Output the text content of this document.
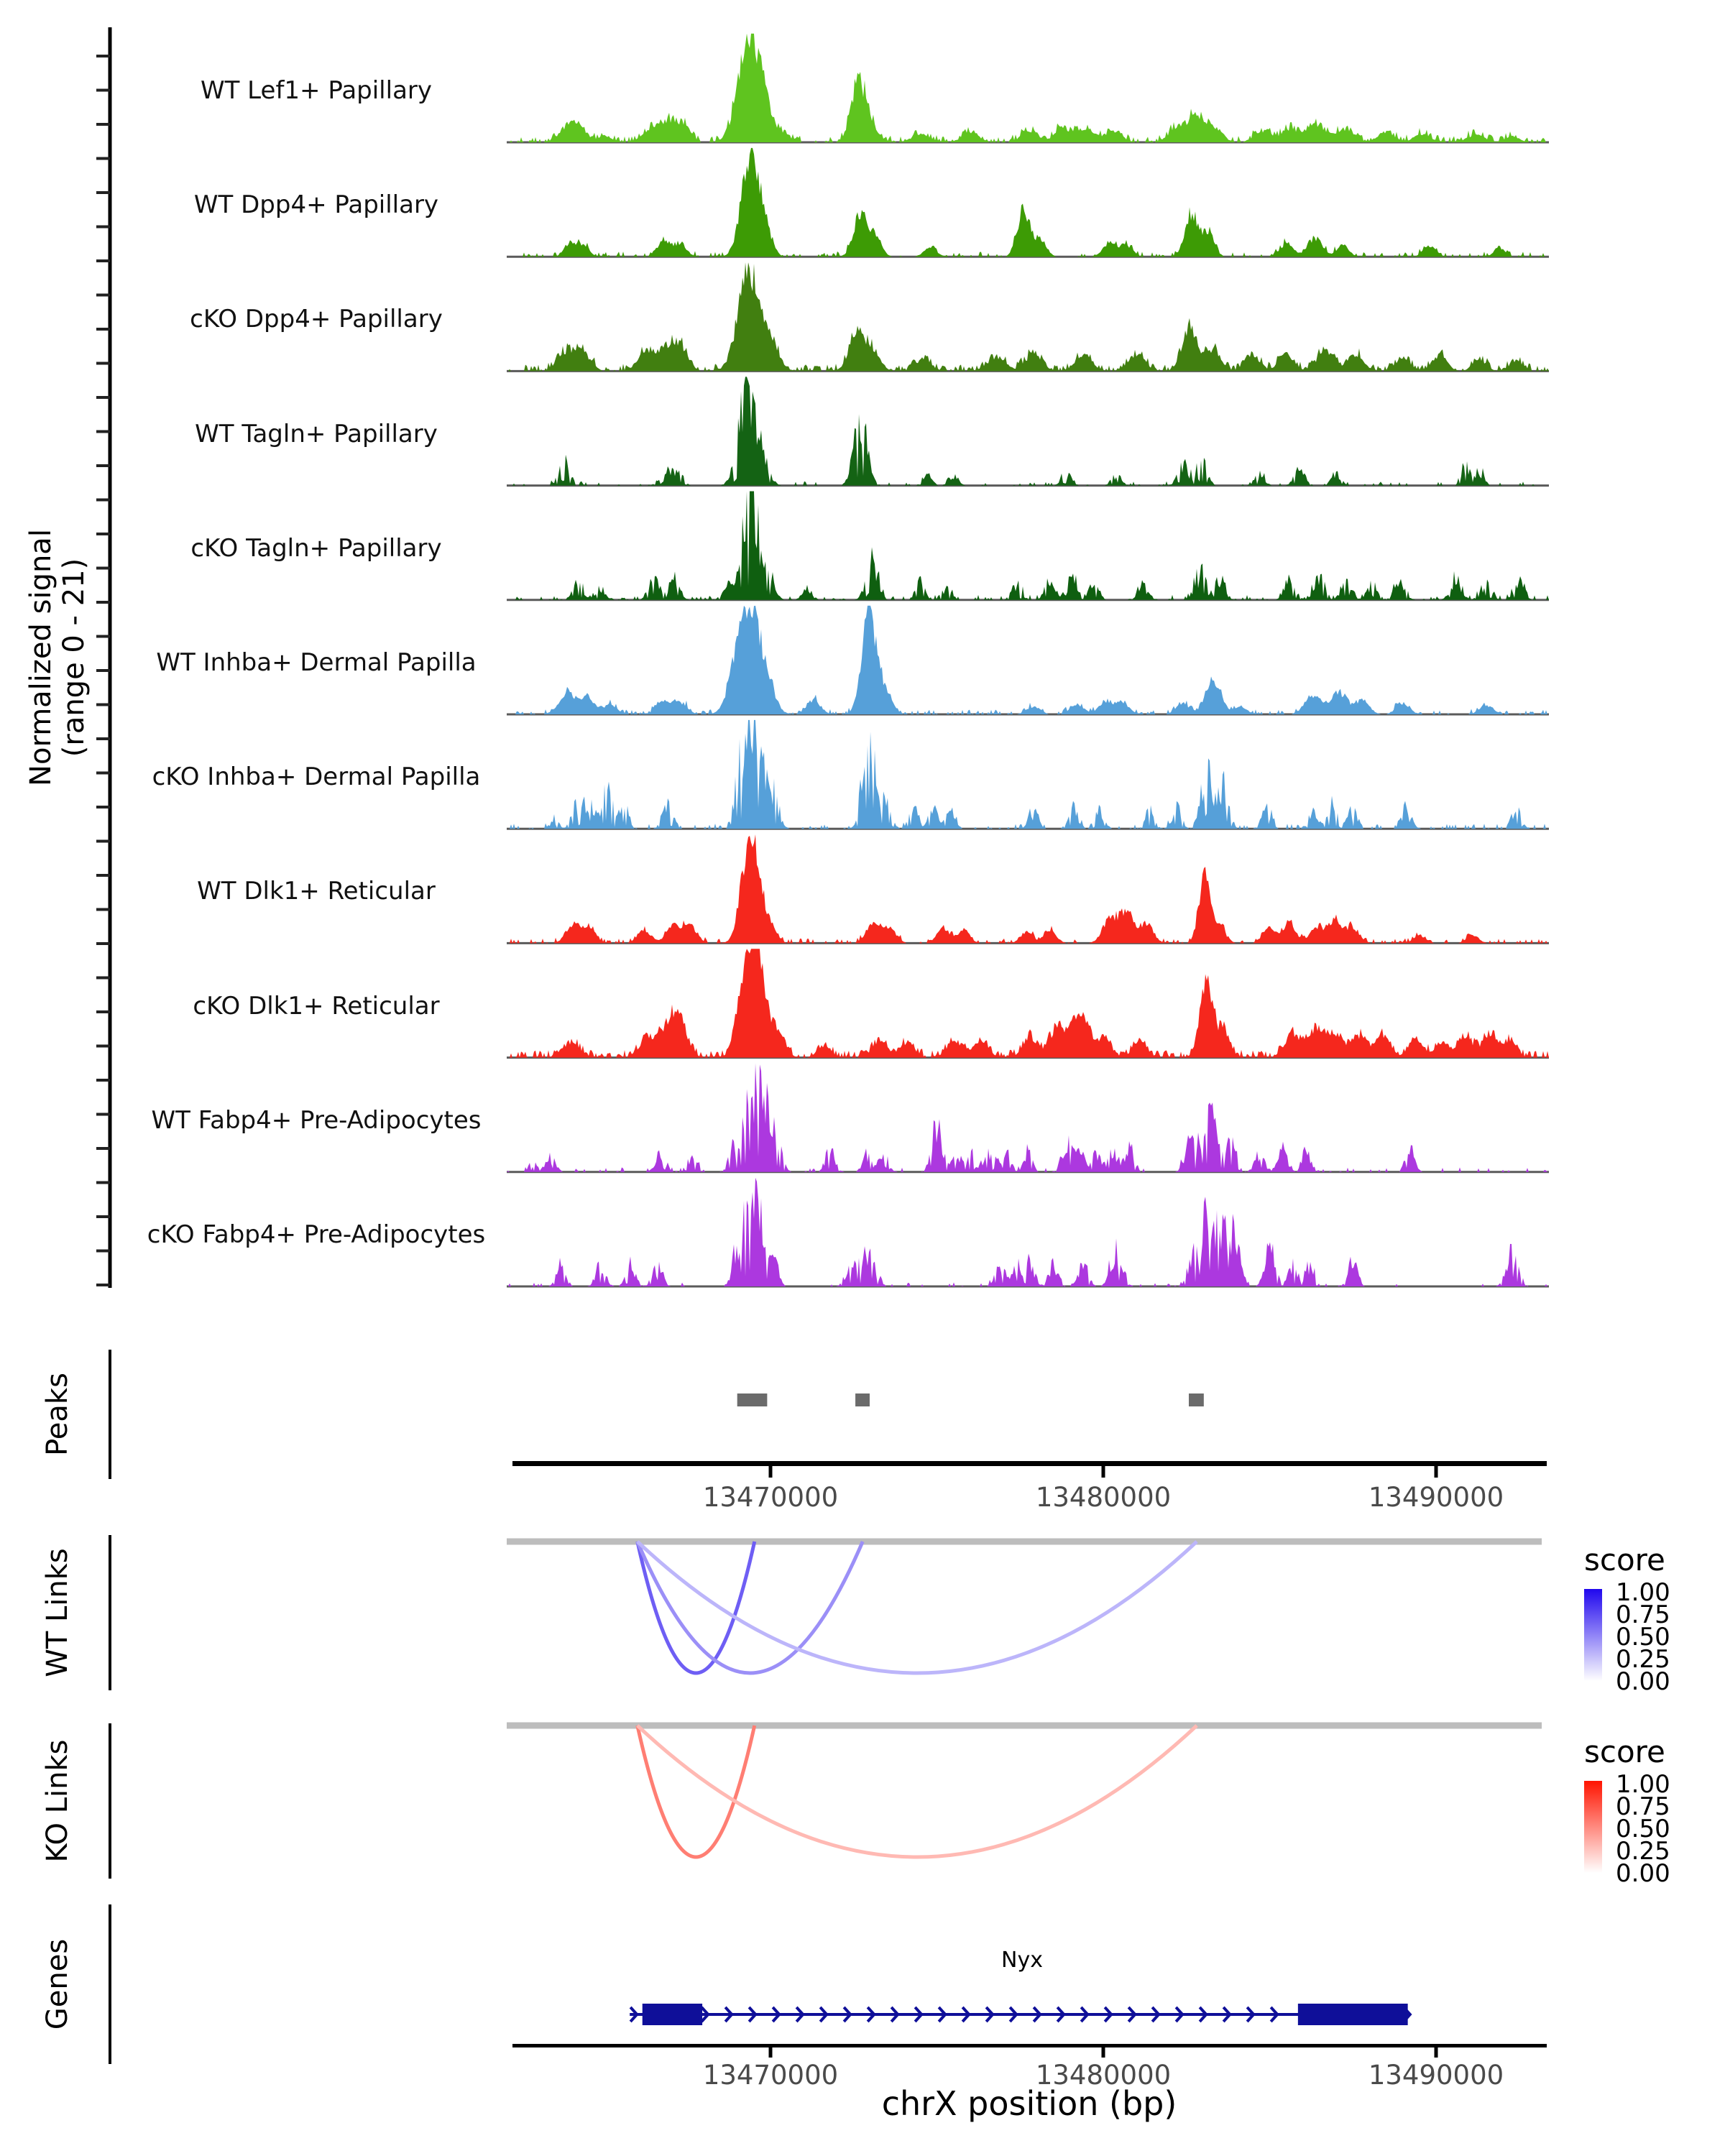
Normalized signal (range 0 - 21)
Peaks
WT Links
KO Links
Genes
WT Lef1+ Papillary
WT Dpp4+ Papillary
cKO Dpp4+ Papillary
WT Tagln+ Papillary
cKO Tagln+ Papillary
WT Inhba+ Dermal Papilla
cKO Inhba+ Dermal Papilla
WT Dlk1+ Reticular
cKO Dlk1+ Reticular
WT Fabp4+ Pre-Adipocytes
cKO Fabp4+ Pre-Adipocytes
13470000	13480000	13490000
13470000	13480000	13490000
score
1.00
0.75
0.50
0.25
0.00
score
1.00
0.75
0.50
0.25
0.00
Nyx
chrX position (bp)
